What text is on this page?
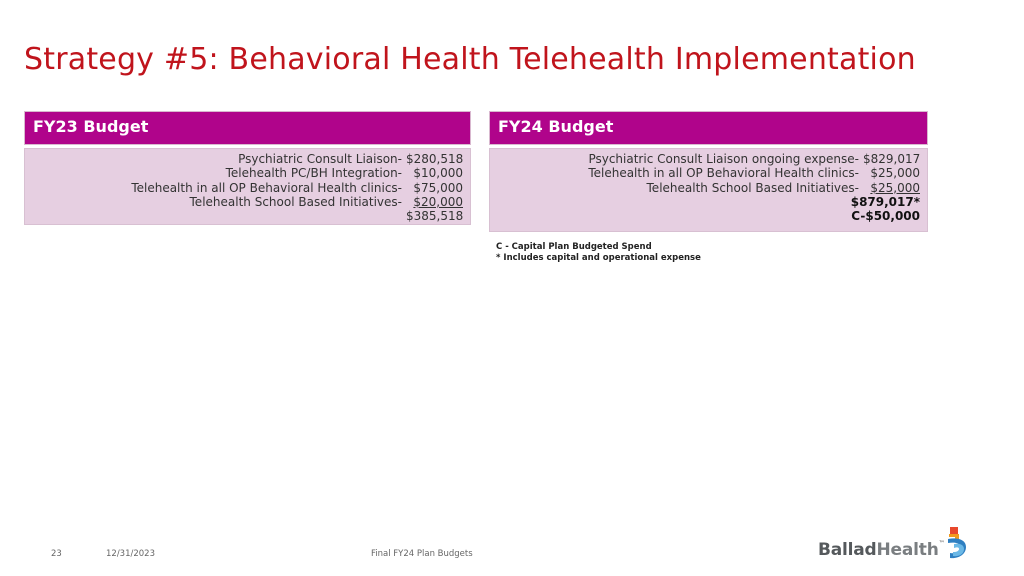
Strategy #5: Behavioral Health Telehealth Implementation
FY23 Budget
Psychiatric Consult Liaison- $280,518
Telehealth PC/BH Integration- $10,000
Telehealth in all OP Behavioral Health clinics- $75,000
Telehealth School Based Initiatives- $20,000
$385,518
FY24 Budget
Psychiatric Consult Liaison ongoing expense- $829,017
Telehealth in all OP Behavioral Health clinics- $25,000
Telehealth School Based Initiatives- $25,000
$879,017*
C-$50,000
C - Capital Plan Budgeted Spend
* Includes capital and operational expense
23	12/31/2023	Final FY24 Plan Budgets	BalladHealth™
